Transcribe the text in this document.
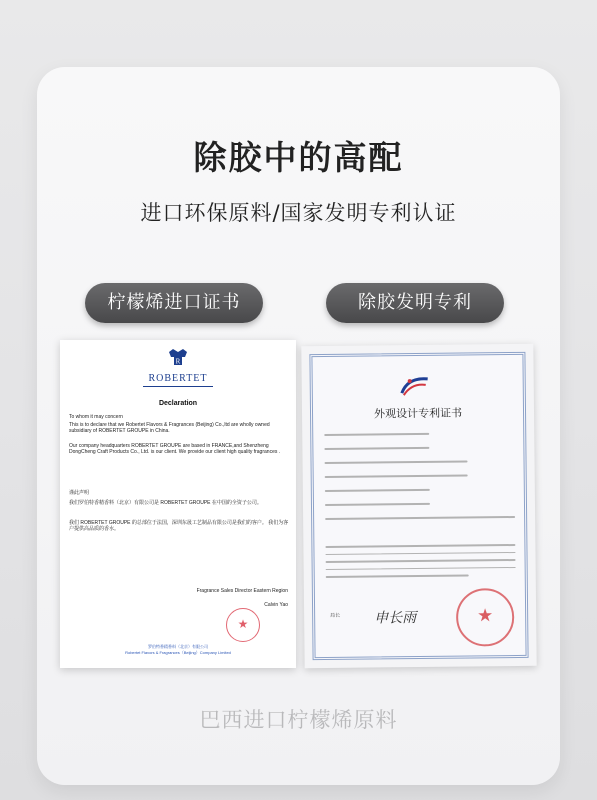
除胶中的高配
进口环保原料/国家发明专利认证
柠檬烯进口证书	除胶发明专利
R
ROBERTET
Declaration
To whom it may concern
This is to declare that we Robertet Flavors & Fragrances (Beijing) Co.,ltd are wholly owned subsidiary of ROBERTET GROUPE in China.
Our company headquarters ROBERTET GROUPE are based in FRANCE,and Shenzheng DongCheng Craft Products Co., Ltd. is our client. We provide our client high quality fragrances .
谨此声明
我们罗伯特香精香料（北京）有限公司是 ROBERTET GROUPE 在中国的全资子公司。
我们 ROBERTET GROUPE 的总部位于法国，深圳东晟工艺制品有限公司是我们的客户。 我们为客户提供高品质的香水。
Fragrance Sales Director Eastern Region
Calvin Yao
★
罗伯特香精香料（北京）有限公司
Robertet Flavors & Fragrances（Beijing）Company Limited
外观设计专利证书
局长 申长雨
★
巴西进口柠檬烯原料
